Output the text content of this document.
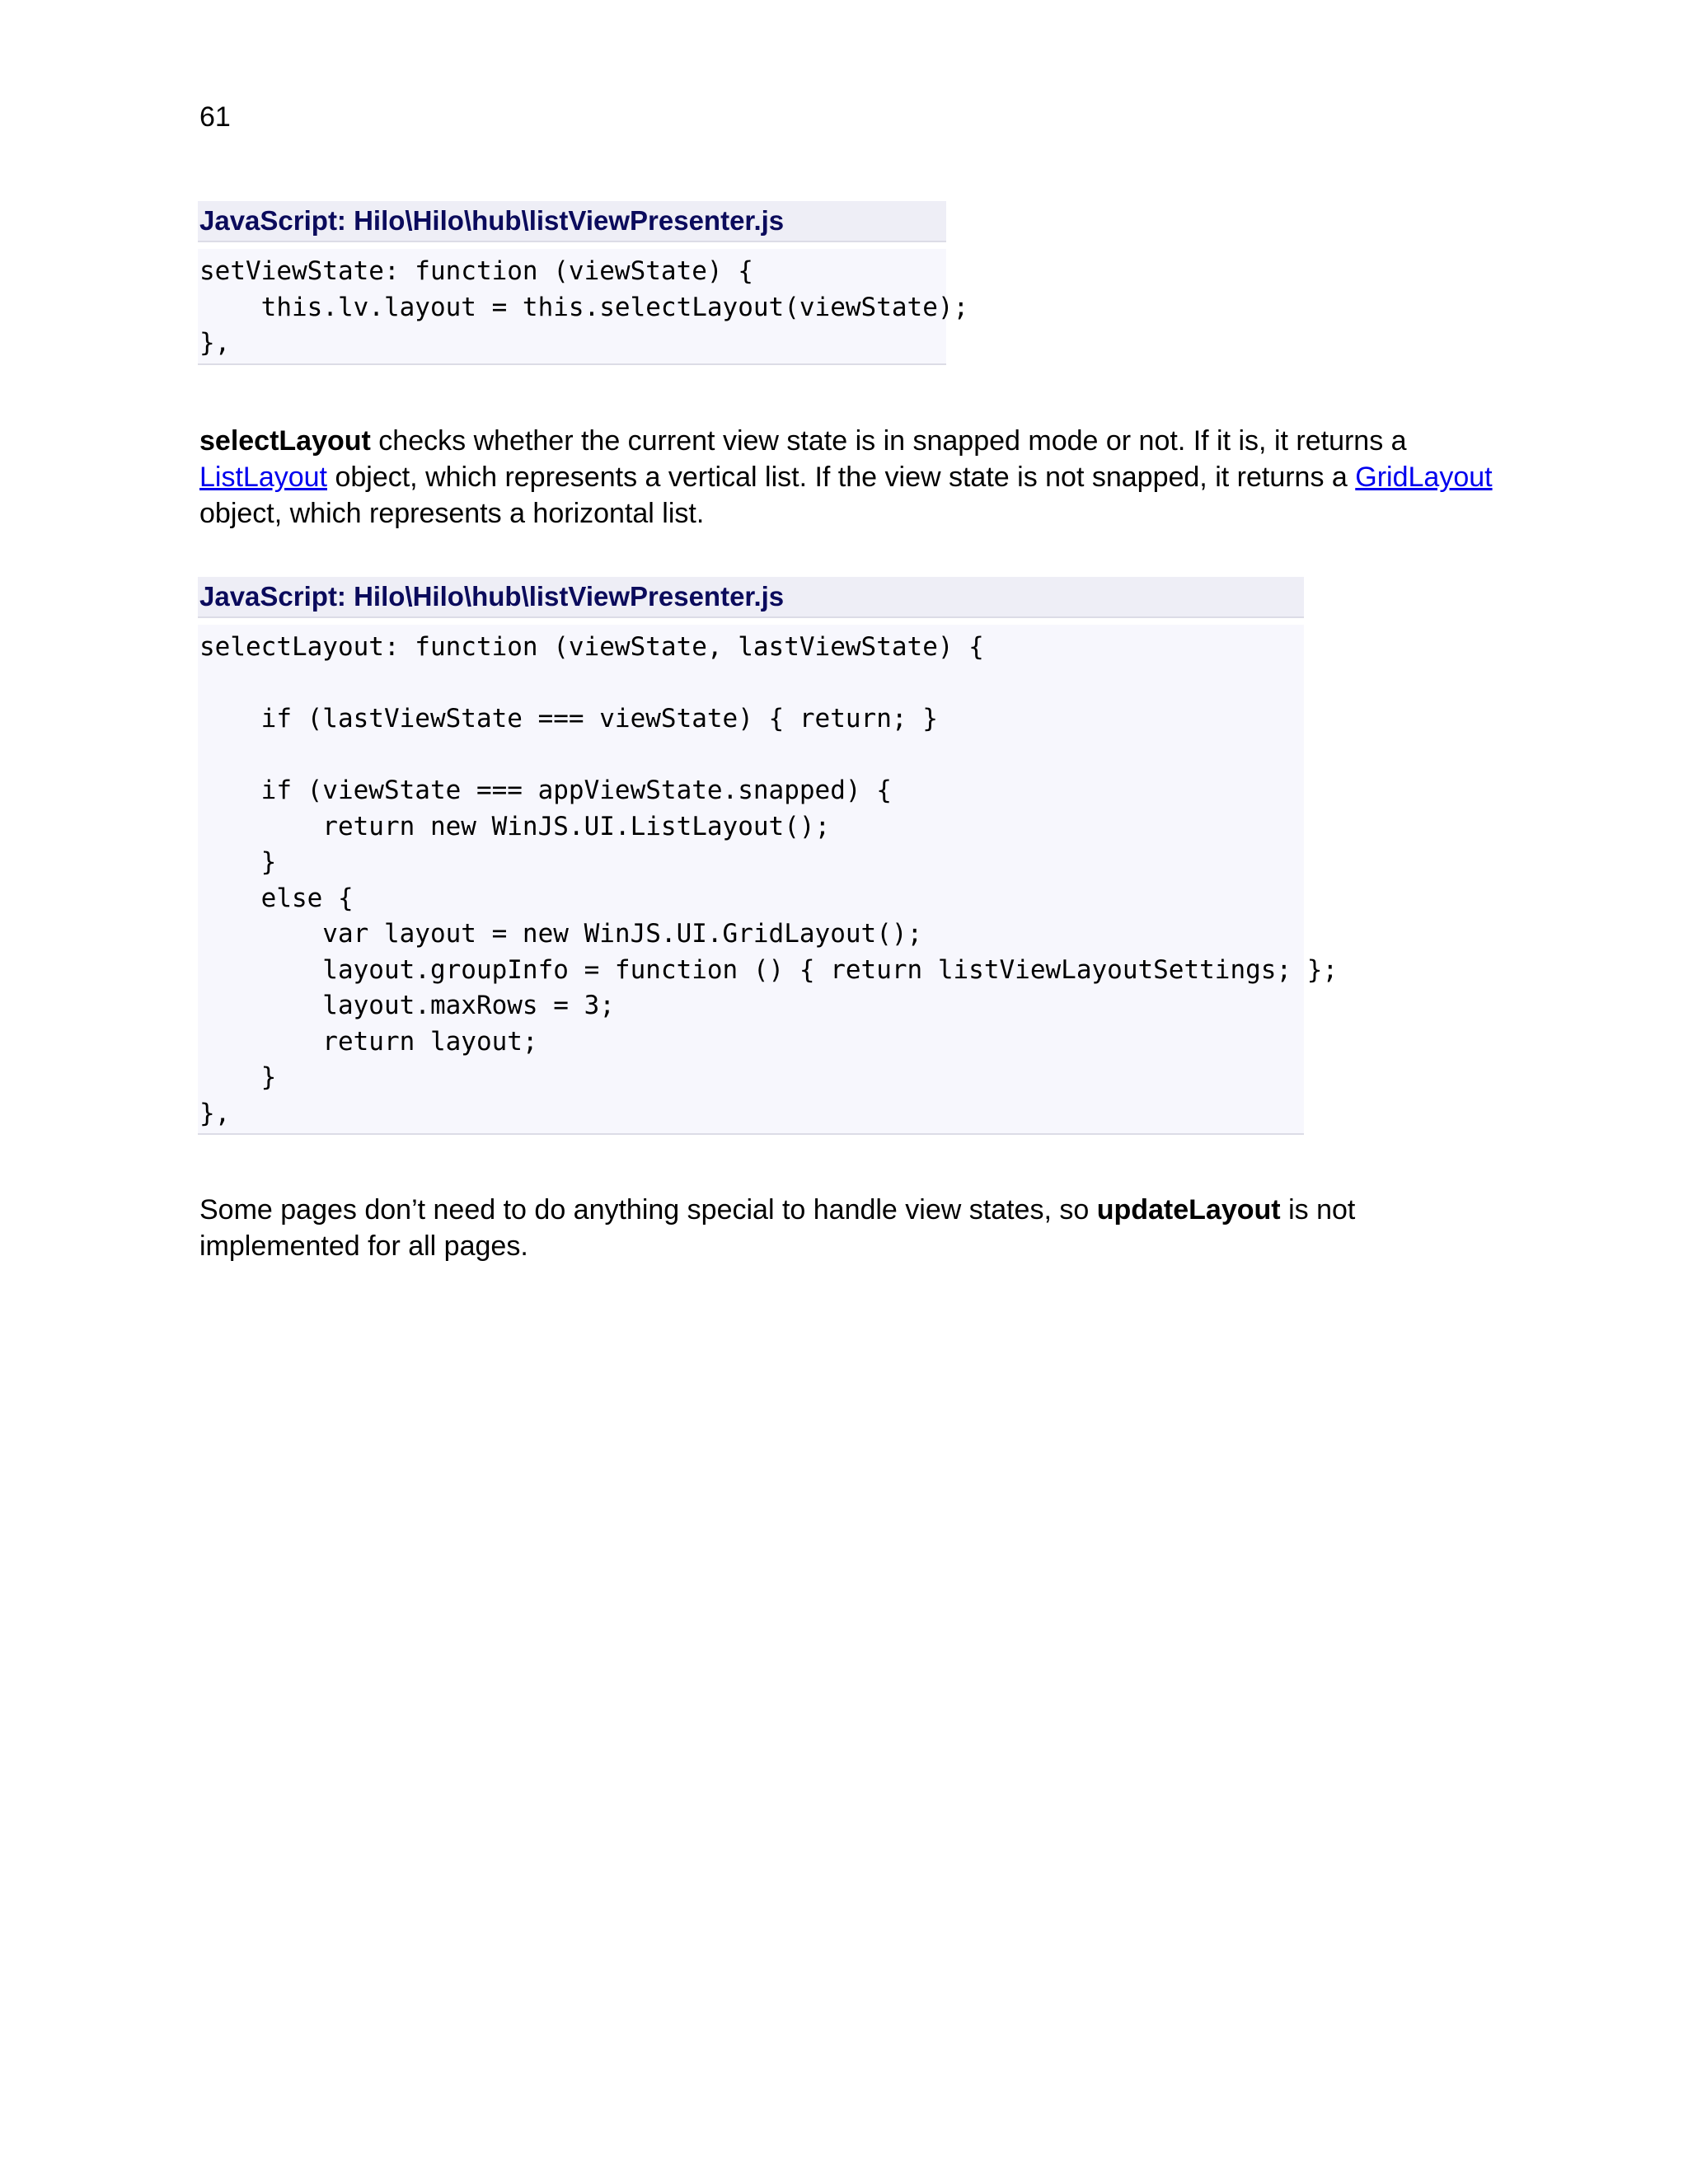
61
JavaScript: Hilo\Hilo\hub\listViewPresenter.js
setViewState: function (viewState) {
this.lv.layout = this.selectLayout(viewState);
},
selectLayout checks whether the current view state is in snapped mode or not. If it is, it returns a ListLayout object, which represents a vertical list. If the view state is not snapped, it returns a GridLayout object, which represents a horizontal list.
JavaScript: Hilo\Hilo\hub\listViewPresenter.js
selectLayout: function (viewState, lastViewState) {
if (lastViewState === viewState) { return; }
if (viewState === appViewState.snapped) {
return new WinJS.UI.ListLayout();
}
else {
var layout = new WinJS.UI.GridLayout();
layout.groupInfo = function () { return listViewLayoutSettings; };
layout.maxRows = 3;
return layout;
}
},
Some pages don’t need to do anything special to handle view states, so updateLayout is not implemented for all pages.
